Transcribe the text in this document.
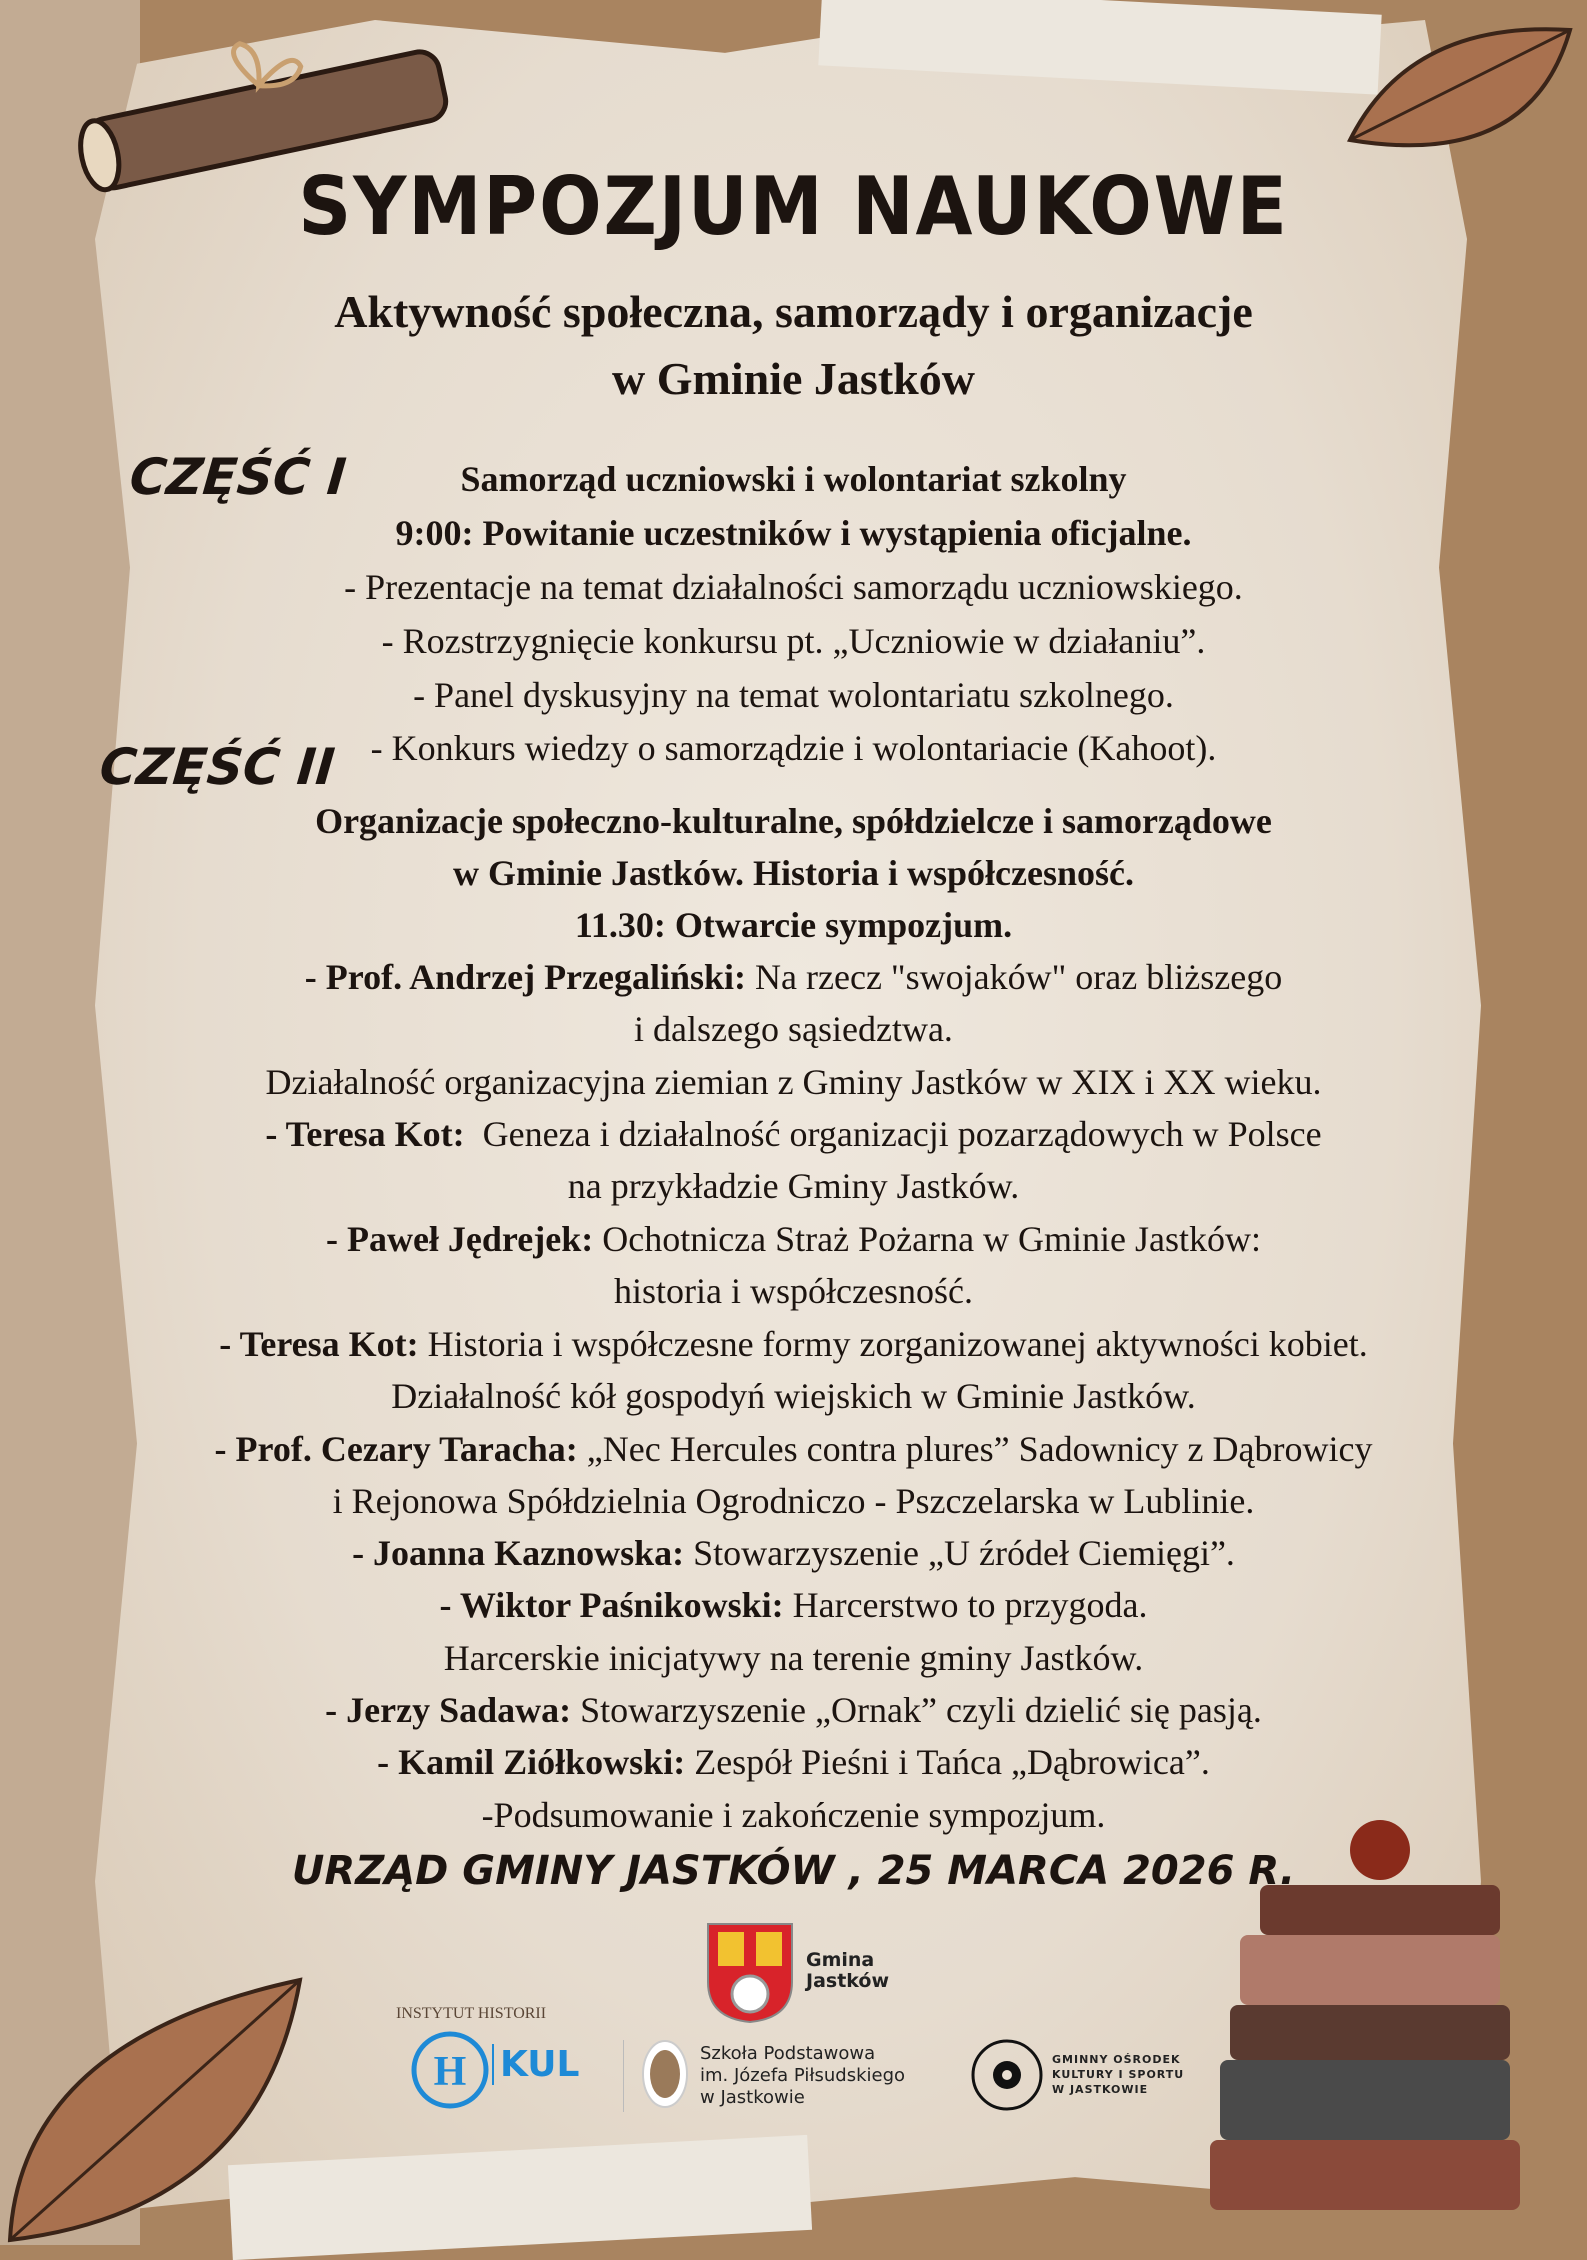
SYMPOZJUM NAUKOWE
Aktywność społeczna, samorządy i organizacje
w Gminie Jastków
CZĘŚĆ I
CZĘŚĆ II
Samorząd uczniowski i wolontariat szkolny
9:00: Powitanie uczestników i wystąpienia oficjalne.
- Prezentacje na temat działalności samorządu uczniowskiego.
- Rozstrzygnięcie konkursu pt. „Uczniowie w działaniu”.
- Panel dyskusyjny na temat wolontariatu szkolnego.
- Konkurs wiedzy o samorządzie i wolontariacie (Kahoot).
Organizacje społeczno-kulturalne, spółdzielcze i samorządowe
w Gminie Jastków. Historia i współczesność.
11.30: Otwarcie sympozjum.
- Prof. Andrzej Przegaliński: Na rzecz "swojaków" oraz bliższego
i dalszego sąsiedztwa.
Działalność organizacyjna ziemian z Gminy Jastków w XIX i XX wieku.
- Teresa Kot:  Geneza i działalność organizacji pozarządowych w Polsce
na przykładzie Gminy Jastków.
- Paweł Jędrejek: Ochotnicza Straż Pożarna w Gminie Jastków:
historia i współczesność.
- Teresa Kot: Historia i współczesne formy zorganizowanej aktywności kobiet.
Działalność kół gospodyń wiejskich w Gminie Jastków.
- Prof. Cezary Taracha: „Nec Hercules contra plures” Sadownicy z Dąbrowicy
i Rejonowa Spółdzielnia Ogrodniczo - Pszczelarska w Lublinie.
- Joanna Kaznowska: Stowarzyszenie „U źródeł Ciemięgi”.
- Wiktor Paśnikowski: Harcerstwo to przygoda.
Harcerskie inicjatywy na terenie gminy Jastków.
- Jerzy Sadawa: Stowarzyszenie „Ornak” czyli dzielić się pasją.
- Kamil Ziółkowski: Zespół Pieśni i Tańca „Dąbrowica”.
-Podsumowanie i zakończenie sympozjum.
URZĄD GMINY JASTKÓW , 25 MARCA 2026 R.
Gmina
Jastków
INSTYTUT HISTORII
H KUL	Szkoła Podstawowa
im. Józefa Piłsudskiego
w Jastkowie
GMINNY OŚRODEK
KULTURY I SPORTU
W JASTKOWIE
